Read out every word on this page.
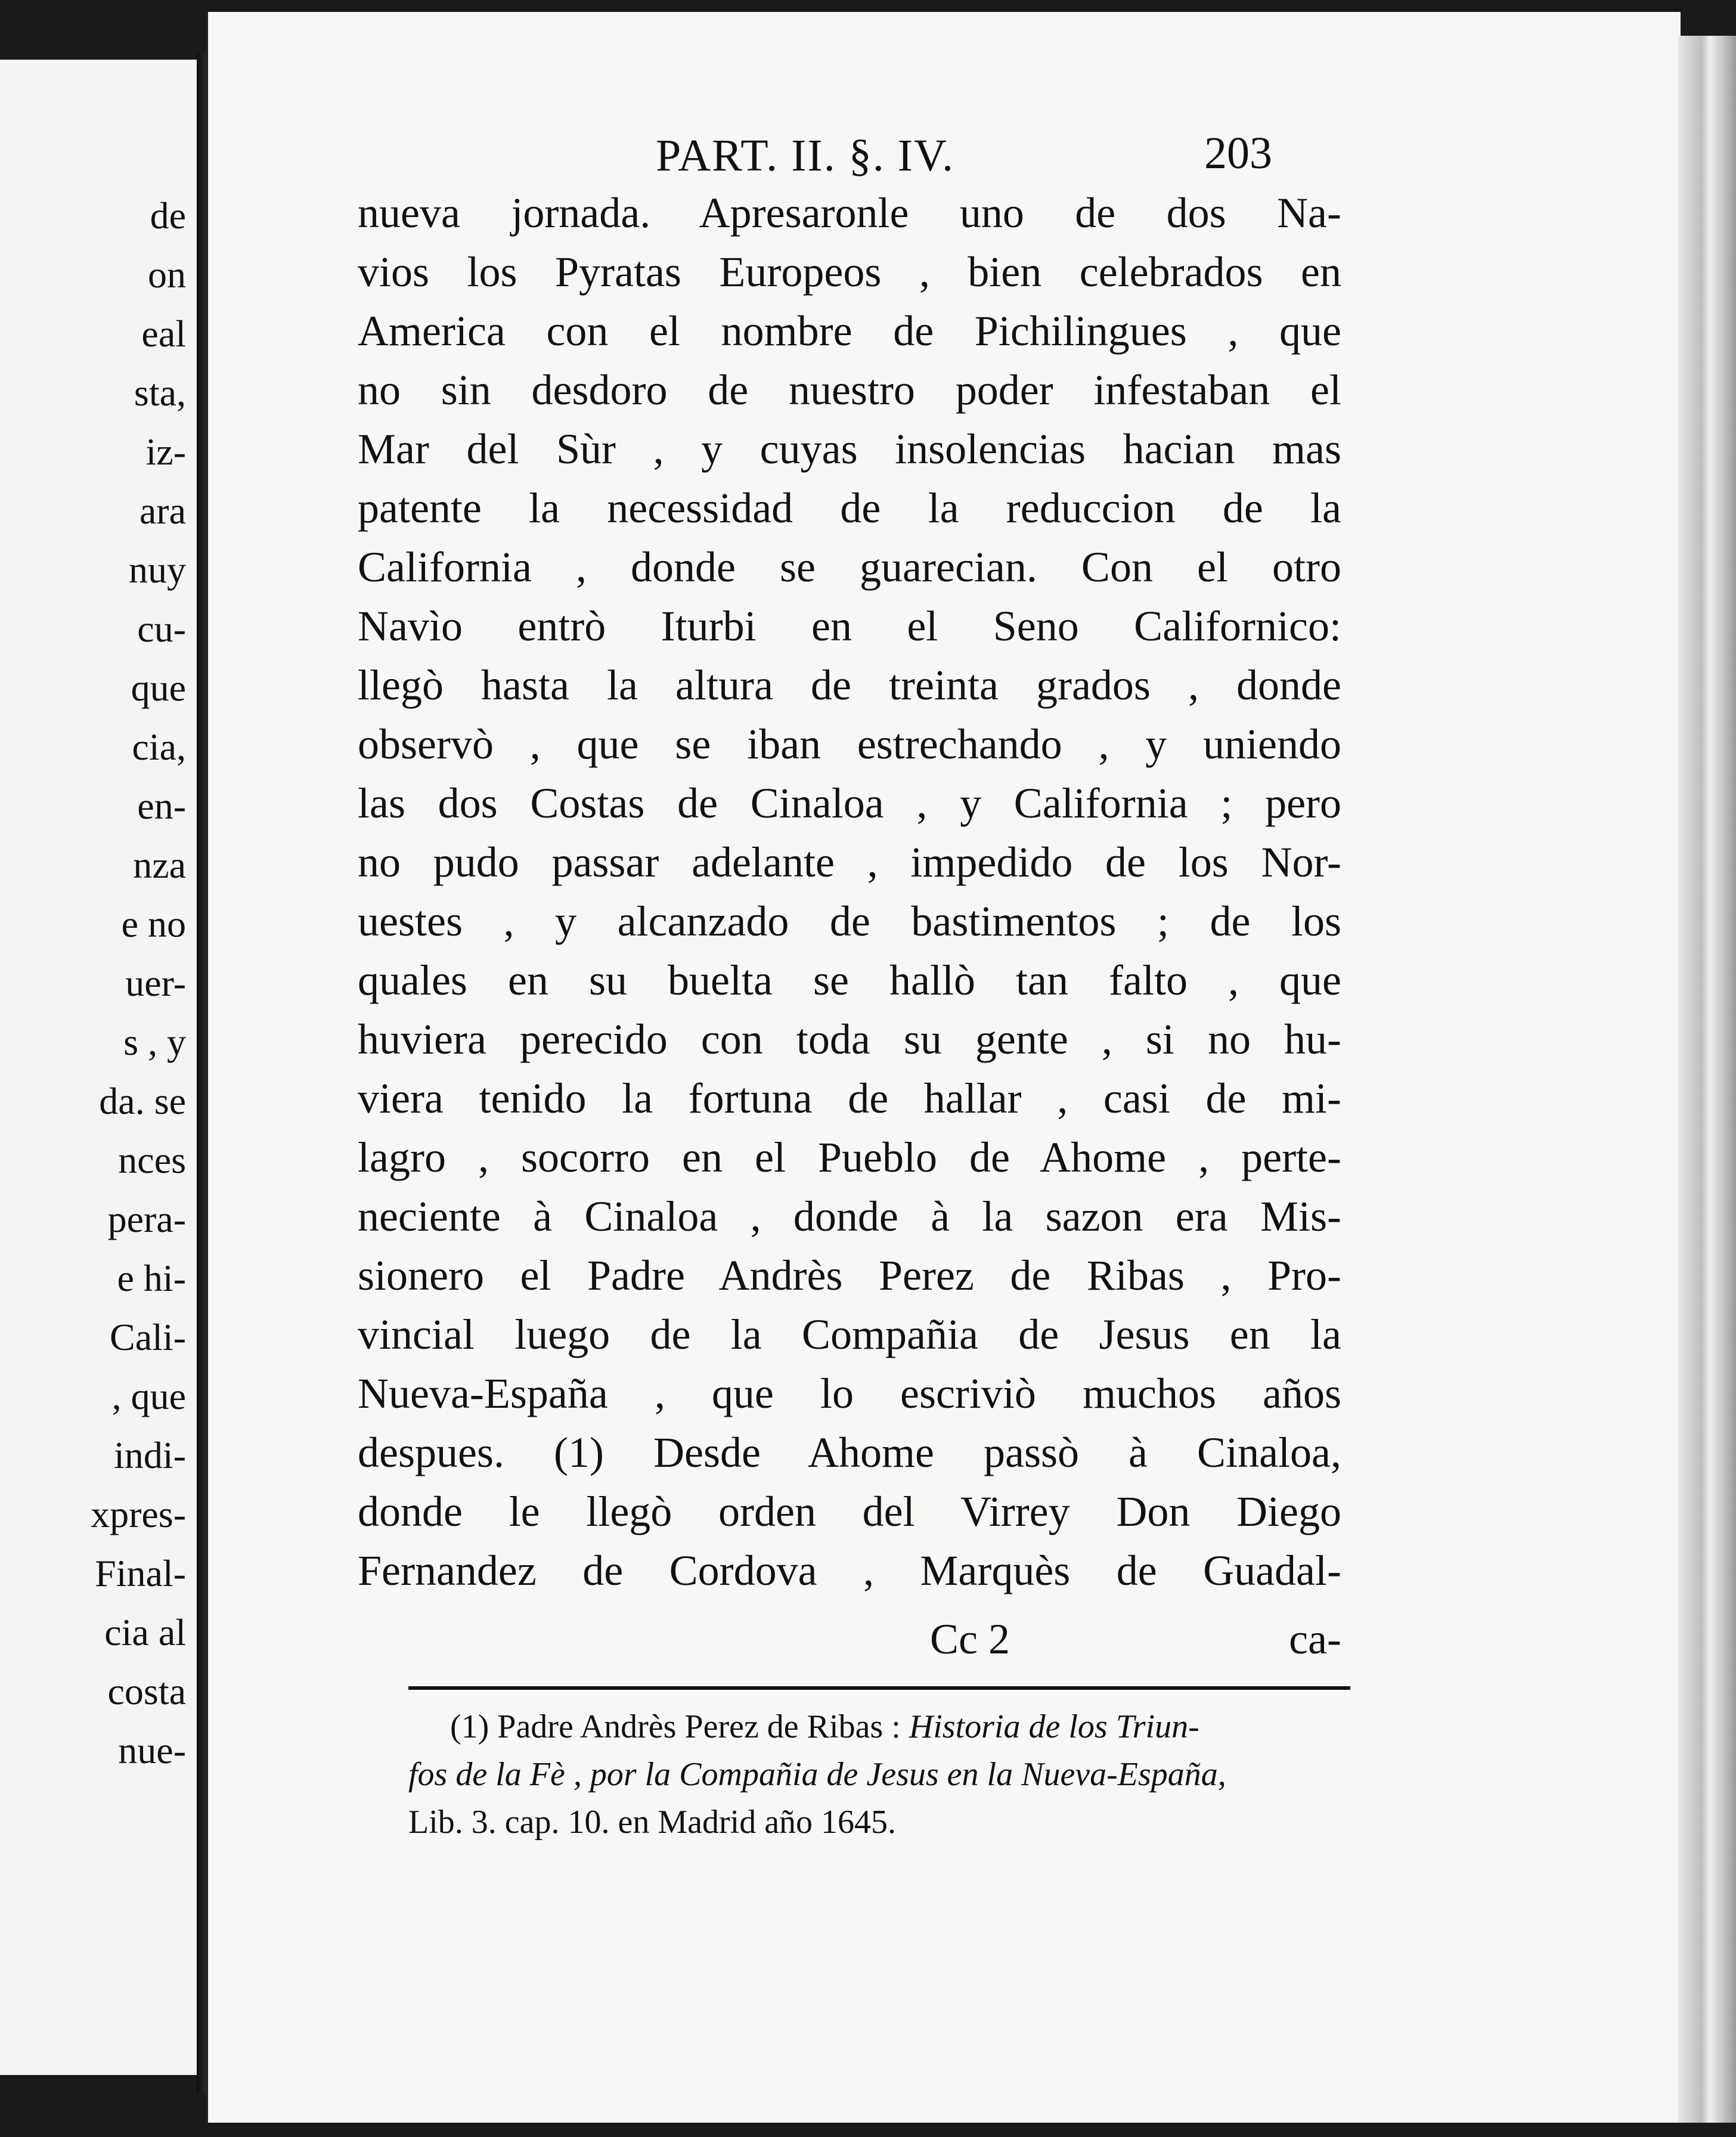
de
on
eal
sta,
iz-
ara
nuy
cu-
que
cia,
en-
nza
e no
uer-
s , y
da. se
nces
pera-
e hi-
Cali-
, que
indi-
xpres-
Final-
cia al
costa
nue-
PART. II. §. IV.	203
nueva jornada. Apresaronle uno de dos Na-
vios los Pyratas Europeos , bien celebrados en
America con el nombre de Pichilingues , que
no sin desdoro de nuestro poder infestaban el
Mar del Sùr , y cuyas insolencias hacian mas
patente la necessidad de la reduccion de la
California , donde se guarecian. Con el otro
Navìo entrò Iturbi en el Seno Californico:
llegò hasta la altura de treinta grados , donde
observò , que se iban estrechando , y uniendo
las dos Costas de Cinaloa , y California ; pero
no pudo passar adelante , impedido de los Nor-
uestes , y alcanzado de bastimentos ; de los
quales en su buelta se hallò tan falto , que
huviera perecido con toda su gente , si no hu-
viera tenido la fortuna de hallar , casi de mi-
lagro , socorro en el Pueblo de Ahome , perte-
neciente à Cinaloa , donde à la sazon era Mis-
sionero el Padre Andrès Perez de Ribas , Pro-
vincial luego de la Compañia de Jesus en la
Nueva-España , que lo escriviò muchos años
despues. (1) Desde Ahome passò à Cinaloa,
donde le llegò orden del Virrey Don Diego
Fernandez de Cordova , Marquès de Guadal-
Cc 2	ca-
(1) Padre Andrès Perez de Ribas : Historia de los Triun-
fos de la Fè , por la Compañia de Jesus en la Nueva-España,
Lib. 3. cap. 10. en Madrid año 1645.
